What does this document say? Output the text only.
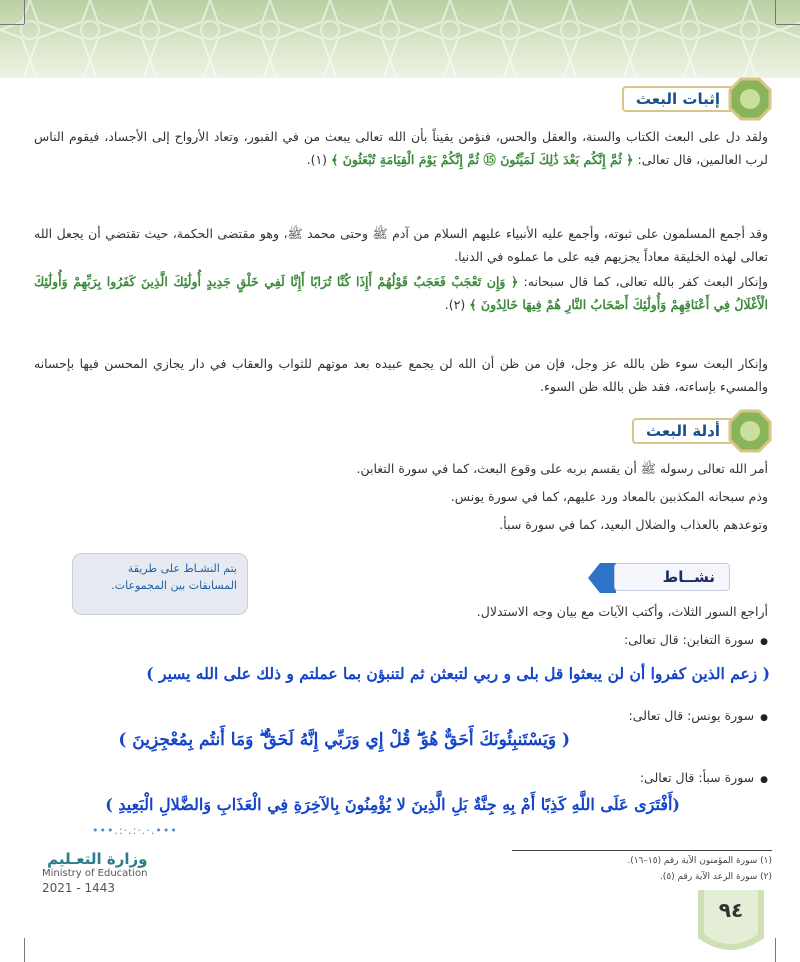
إثبات البعث
ولقد دل على البعث الكتاب والسنة، والعقل والحس، فنؤمن يقيناً بأن الله تعالى يبعث من في القبور، وتعاد الأرواح إلى الأجساد، فيقوم الناس لرب العالمين، قال تعالى: ﴿ ثُمَّ إِنَّكُم بَعْدَ ذَٰلِكَ لَمَيِّتُونَ ⑮ ثُمَّ إِنَّكُمْ يَوْمَ الْقِيَامَةِ تُبْعَثُونَ ﴾ (١).
وقد أجمع المسلمون على ثبوته، وأجمع عليه الأنبياء عليهم السلام من آدم ﷺ وحتى محمد ﷺ، وهو مقتضى الحكمة، حيث تقتضي أن يجعل الله تعالى لهذه الخليقة معاداً يجزيهم فيه على ما عملوه في الدنيا.
وإنكار البعث كفر بالله تعالى، كما قال سبحانه: ﴿ وَإِن تَعْجَبْ فَعَجَبٌ قَوْلُهُمْ أَإِذَا كُنَّا تُرَابًا أَإِنَّا لَفِي خَلْقٍ جَدِيدٍ أُولَٰئِكَ الَّذِينَ كَفَرُوا بِرَبِّهِمْ وَأُولَٰئِكَ الْأَغْلَالُ فِي أَعْنَاقِهِمْ وَأُولَٰئِكَ أَصْحَابُ النَّارِ هُمْ فِيهَا خَالِدُونَ ﴾ (٢).
وإنكار البعث سوء ظن بالله عز وجل، فإن من ظن أن الله لن يجمع عبيده بعد موتهم للثواب والعقاب في دار يجازي المحسن فيها بإحسانه والمسيء بإساءته، فقد ظن بالله ظن السوء.
أدلة البعث
أمر الله تعالى رسوله ﷺ أن يقسم بربه على وقوع البعث، كما في سورة التغابن.
وذم سبحانه المكذبين بالمعاد ورد عليهم، كما في سورة يونس.
وتوعدهم بالعذاب والضلال البعيد، كما في سورة سبأ.
يتم النشـاط على طريقة المسابقات بين المجموعات.	نشــاط
أراجع السور الثلاث، وأكتب الآيات مع بيان وجه الاستدلال.
● سورة التغابن: قال تعالى:
( زعم الذين كفروا أن لن يبعثوا قل بلى و ربي لتبعثن ثم لتنبؤن بما عملتم و ذلك على الله يسير )
● سورة يونس: قال تعالى:
( وَيَسْتَنبِئُونَكَ أَحَقٌّ هُوَ ۖ قُلْ إِي وَرَبِّي إِنَّهُ لَحَقٌّ ۖ وَمَا أَنتُم بِمُعْجِزِينَ )
● سورة سبأ: قال تعالى:
(أَفْتَرَى عَلَى اللَّهِ كَذِبًا أَمْ بِهِ جِنَّةٌ بَلِ الَّذِينَ لا يُؤْمِنُونَ بِالآخِرَةِ فِي الْعَذَابِ وَالضَّلالِ الْبَعِيدِ )
•••.:·.:·.·.•••
وزارة التعـليم
Ministry of Education
2021 - 1443
(١) سورة المؤمنون الآية رقم (١٥–١٦).
(٢) سورة الرعد الآية رقم (٥).
٩٤
